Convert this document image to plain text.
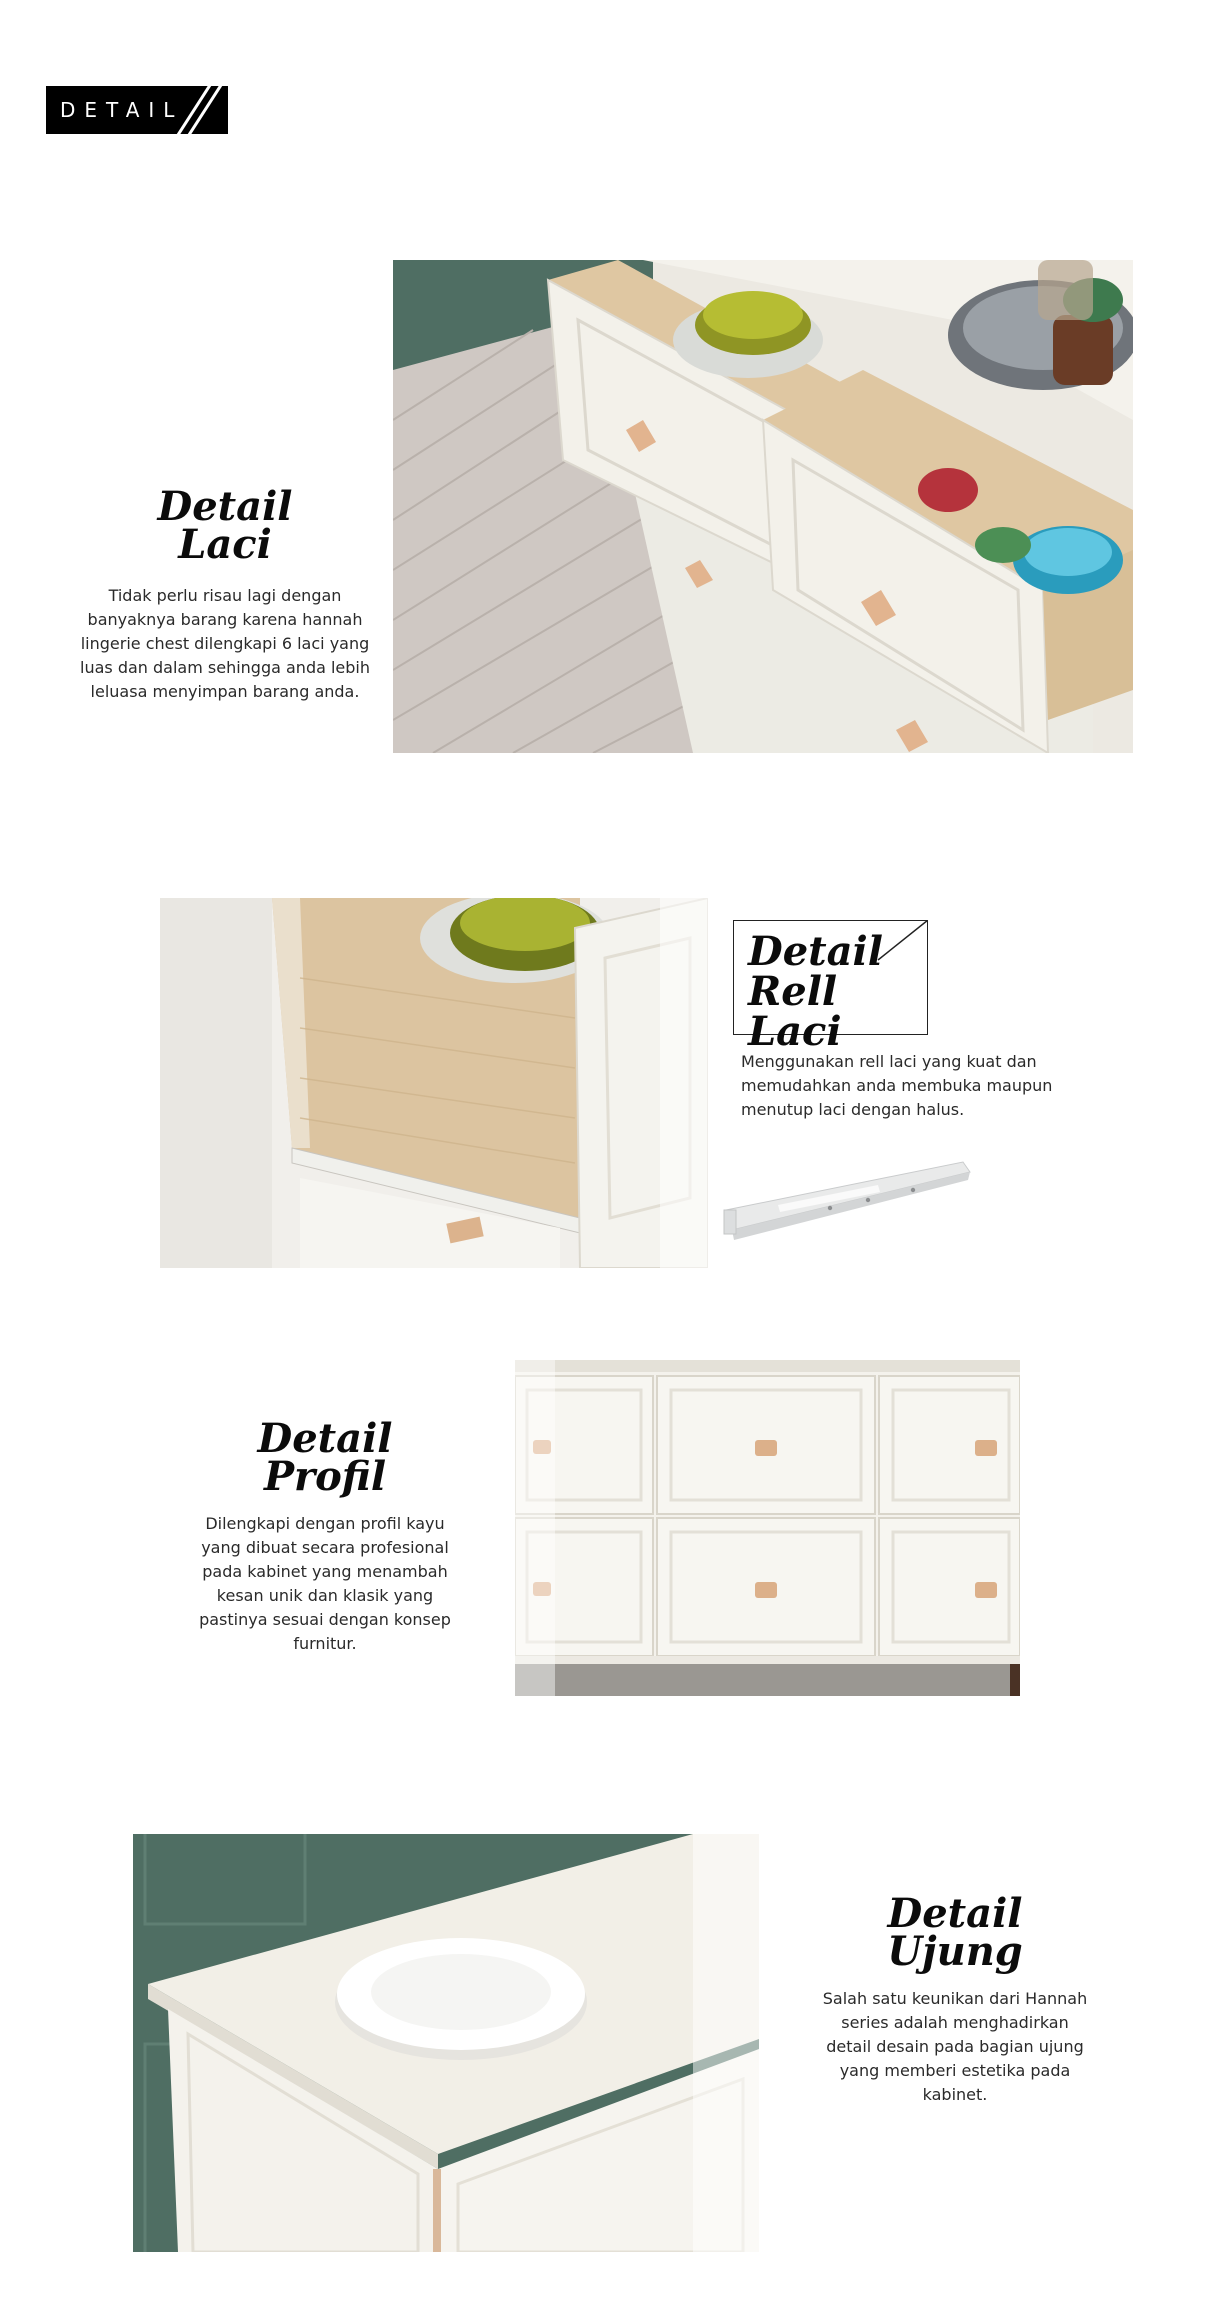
DETAIL
Detail
Laci

Tidak perlu risau lagi dengan banyaknya barang karena hannah lingerie chest dilengkapi 6 laci yang luas dan dalam sehingga anda lebih leluasa menyimpan barang anda.

Detail
Rell Laci

Menggunakan rell laci yang kuat dan memudahkan anda membuka maupun menutup laci dengan halus.

Detail
Profil

Dilengkapi dengan profil kayu yang dibuat secara profesional pada kabinet yang menambah kesan unik dan klasik yang pastinya sesuai dengan konsep furnitur.

Detail
Ujung

Salah satu keunikan dari Hannah series adalah menghadirkan detail desain pada bagian ujung yang memberi estetika pada kabinet.
